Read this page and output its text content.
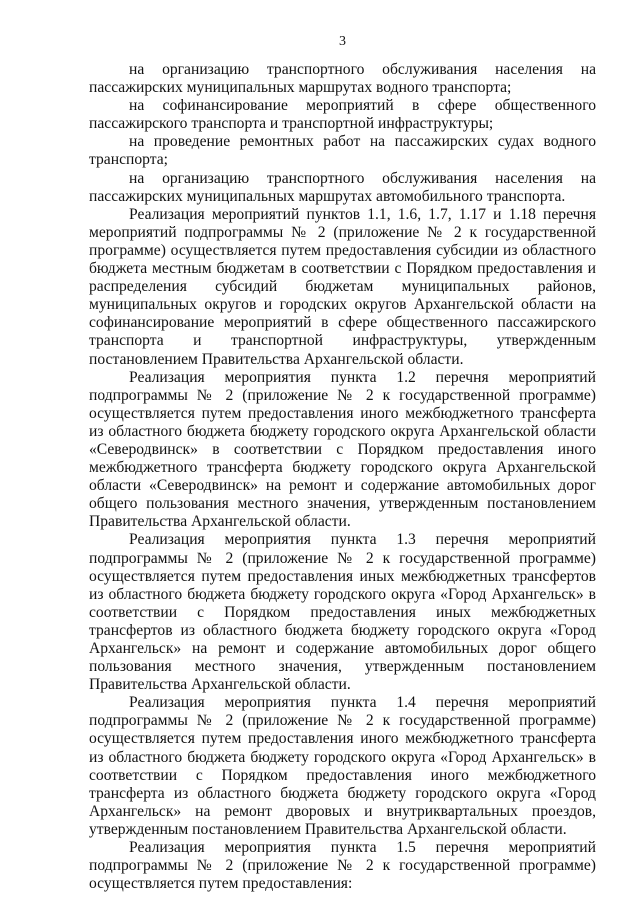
3

на организацию транспортного обслуживания населения на пассажирских муниципальных маршрутах водного транспорта;

на софинансирование мероприятий в сфере общественного пассажирского транспорта и транспортной инфраструктуры;

на проведение ремонтных работ на пассажирских судах водного транспорта;

на организацию транспортного обслуживания населения на пассажирских муниципальных маршрутах автомобильного транспорта.

Реализация мероприятий пунктов 1.1, 1.6, 1.7, 1.17 и 1.18 перечня мероприятий подпрограммы № 2 (приложение № 2 к государственной программе) осуществляется путем предоставления субсидии из областного бюджета местным бюджетам в соответствии с Порядком предоставления и распределения субсидий бюджетам муниципальных районов, муниципальных округов и городских округов Архангельской области на софинансирование мероприятий в сфере общественного пассажирского транспорта и транспортной инфраструктуры, утвержденным постановлением Правительства Архангельской области.

Реализация мероприятия пункта 1.2 перечня мероприятий подпрограммы № 2 (приложение № 2 к государственной программе) осуществляется путем предоставления иного межбюджетного трансферта из областного бюджета бюджету городского округа Архангельской области «Северодвинск» в соответствии с Порядком предоставления иного межбюджетного трансферта бюджету городского округа Архангельской области «Северодвинск» на ремонт и содержание автомобильных дорог общего пользования местного значения, утвержденным постановлением Правительства Архангельской области.

Реализация мероприятия пункта 1.3 перечня мероприятий подпрограммы № 2 (приложение № 2 к государственной программе) осуществляется путем предоставления иных межбюджетных трансфертов из областного бюджета бюджету городского округа «Город Архангельск» в соответствии с Порядком предоставления иных межбюджетных трансфертов из областного бюджета бюджету городского округа «Город Архангельск» на ремонт и содержание автомобильных дорог общего пользования местного значения, утвержденным постановлением Правительства Архангельской области.

Реализация мероприятия пункта 1.4 перечня мероприятий подпрограммы № 2 (приложение № 2 к государственной программе) осуществляется путем предоставления иного межбюджетного трансферта из областного бюджета бюджету городского округа «Город Архангельск» в соответствии с Порядком предоставления иного межбюджетного трансферта из областного бюджета бюджету городского округа «Город Архангельск» на ремонт дворовых и внутриквартальных проездов, утвержденным постановлением Правительства Архангельской области.

Реализация мероприятия пункта 1.5 перечня мероприятий подпрограммы № 2 (приложение № 2 к государственной программе) осуществляется путем предоставления:
